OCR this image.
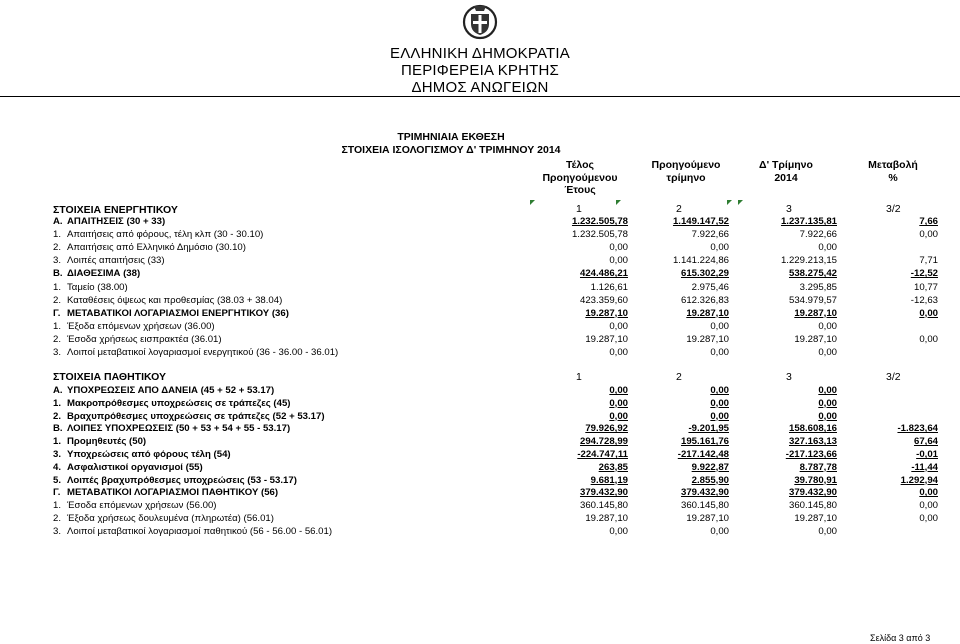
ΕΛΛΗΝΙΚΗ ΔΗΜΟΚΡΑΤΙΑ
ΠΕΡΙΦΕΡΕΙΑ ΚΡΗΤΗΣ
ΔΗΜΟΣ ΑΝΩΓΕΙΩΝ
ΤΡΙΜΗΝΙΑΙΑ ΕΚΘΕΣΗ
ΣΤΟΙΧΕΙΑ ΙΣΟΛΟΓΙΣΜΟΥ Δ' ΤΡΙΜΗΝΟΥ 2014
Τέλος
Προηγούμενου
Έτους
Προηγούμενο
τρίμηνο
Δ' Τρίμηνο
2014
Μεταβολή
%
ΣΤΟΙΧΕΙΑ ΕΝΕΡΓΗΤΙΚΟΥ	1	2	3	3/2
Α. ΑΠΑΙΤΗΣΕΙΣ (30 + 33)	1.232.505,78	1.149.147,52	1.237.135,81	7,66
1. Απαιτήσεις από φόρους, τέλη κλπ (30 - 30.10)	1.232.505,78	7.922,66	7.922,66	0,00
2. Απαιτήσεις από Ελληνικό Δημόσιο (30.10)	0,00	0,00	0,00
3. Λοιπές απαιτήσεις (33)	0,00	1.141.224,86	1.229.213,15	7,71
Β. ΔΙΑΘΕΣΙΜΑ (38)	424.486,21	615.302,29	538.275,42	-12,52
1. Ταμείο (38.00)	1.126,61	2.975,46	3.295,85	10,77
2. Καταθέσεις όψεως και προθεσμίας (38.03 + 38.04)	423.359,60	612.326,83	534.979,57	-12,63
Γ. ΜΕΤΑΒΑΤΙΚΟΙ ΛΟΓΑΡΙΑΣΜΟΙ ΕΝΕΡΓΗΤΙΚΟΥ (36)	19.287,10	19.287,10	19.287,10	0,00
1. Έξοδα επόμενων χρήσεων (36.00)	0,00	0,00	0,00
2. Έσοδα χρήσεως εισπρακτέα (36.01)	19.287,10	19.287,10	19.287,10	0,00
3. Λοιποί μεταβατικοί λογαριασμοί ενεργητικού (36 - 36.00 - 36.01)	0,00	0,00	0,00
ΣΤΟΙΧΕΙΑ ΠΑΘΗΤΙΚΟΥ	1	2	3	3/2
Α. ΥΠΟΧΡΕΩΣΕΙΣ ΑΠΟ ΔΑΝΕΙΑ (45 + 52 + 53.17)	0,00	0,00	0,00
1. Μακροπρόθεσμες υποχρεώσεις σε τράπεζες (45)	0,00	0,00	0,00
2. Βραχυπρόθεσμες υποχρεώσεις σε τράπεζες (52 + 53.17)	0,00	0,00	0,00
Β. ΛΟΙΠΕΣ ΥΠΟΧΡΕΩΣΕΙΣ (50 + 53 + 54 + 55 - 53.17)	79.926,92	-9.201,95	158.608,16	-1.823,64
1. Προμηθευτές (50)	294.728,99	195.161,76	327.163,13	67,64
3. Υποχρεώσεις από φόρους τέλη (54)	-224.747,11	-217.142,48	-217.123,66	-0,01
4. Ασφαλιστικοί οργανισμοί (55)	263,85	9.922,87	8.787,78	-11,44
5. Λοιπές βραχυπρόθεσμες υποχρεώσεις (53 - 53.17)	9.681,19	2.855,90	39.780,91	1.292,94
Γ. ΜΕΤΑΒΑΤΙΚΟΙ ΛΟΓΑΡΙΑΣΜΟΙ ΠΑΘΗΤΙΚΟΥ (56)	379.432,90	379.432,90	379.432,90	0,00
1. Έσοδα επόμενων χρήσεων (56.00)	360.145,80	360.145,80	360.145,80	0,00
2. Έξοδα χρήσεως δουλευμένα (πληρωτέα) (56.01)	19.287,10	19.287,10	19.287,10	0,00
3. Λοιποί μεταβατικοί λογαριασμοί παθητικού (56 - 56.00 - 56.01)	0,00	0,00	0,00
Σελίδα 3 από 3
